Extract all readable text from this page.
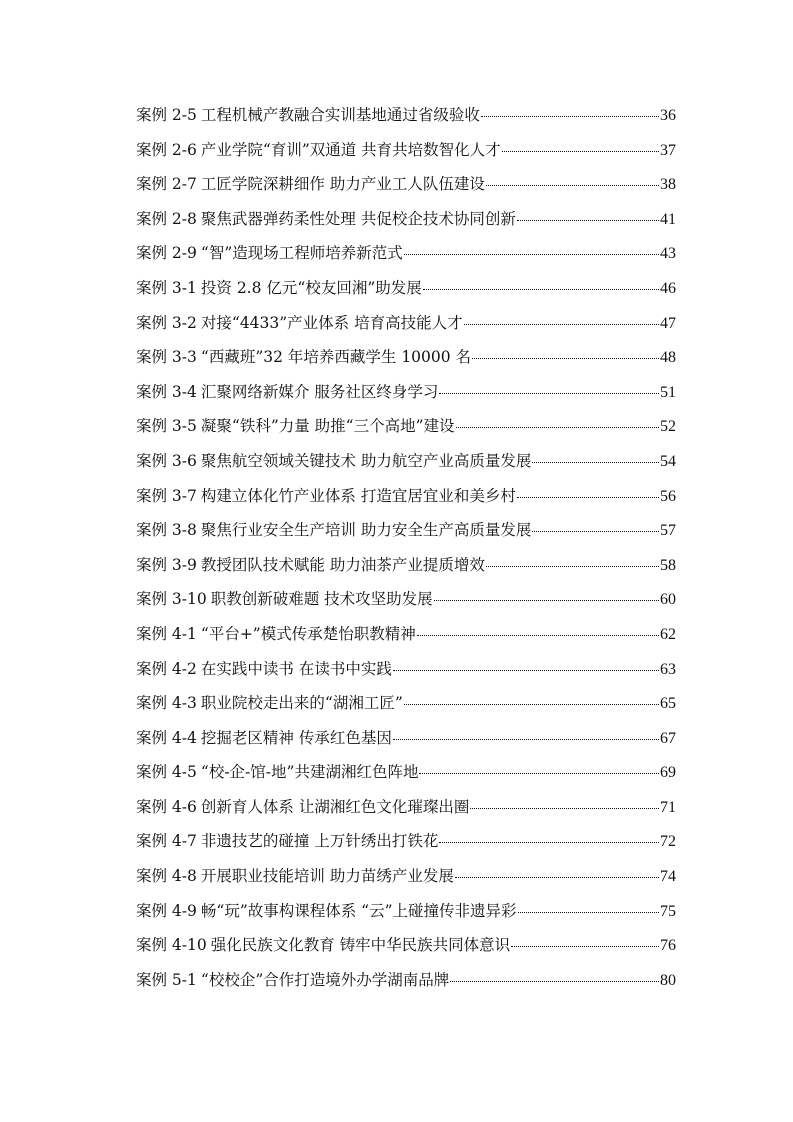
案例 2-5 工程机械产教融合实训基地通过省级验收	36
案例 2-6 产业学院“育训”双通道 共育共培数智化人才	37
案例 2-7 工匠学院深耕细作 助力产业工人队伍建设	38
案例 2-8 聚焦武器弹药柔性处理 共促校企技术协同创新	41
案例 2-9 “智”造现场工程师培养新范式	43
案例 3-1 投资 2.8 亿元“校友回湘”助发展	46
案例 3-2 对接“4433”产业体系 培育高技能人才	47
案例 3-3 “西藏班”32 年培养西藏学生 10000 名	48
案例 3-4 汇聚网络新媒介 服务社区终身学习	51
案例 3-5 凝聚“铁科”力量 助推“三个高地”建设	52
案例 3-6 聚焦航空领域关键技术 助力航空产业高质量发展	54
案例 3-7 构建立体化竹产业体系 打造宜居宜业和美乡村	56
案例 3-8 聚焦行业安全生产培训 助力安全生产高质量发展	57
案例 3-9 教授团队技术赋能 助力油茶产业提质增效	58
案例 3-10 职教创新破难题 技术攻坚助发展	60
案例 4-1 “平台+”模式传承楚怡职教精神	62
案例 4-2 在实践中读书 在读书中实践	63
案例 4-3 职业院校走出来的“湖湘工匠”	65
案例 4-4 挖掘老区精神 传承红色基因	67
案例 4-5 “校-企-馆-地”共建湖湘红色阵地	69
案例 4-6 创新育人体系 让湖湘红色文化璀璨出圈	71
案例 4-7 非遗技艺的碰撞 上万针绣出打铁花	72
案例 4-8 开展职业技能培训 助力苗绣产业发展	74
案例 4-9 畅“玩”故事构课程体系 “云”上碰撞传非遗异彩	75
案例 4-10 强化民族文化教育 铸牢中华民族共同体意识	76
案例 5-1 “校校企”合作打造境外办学湖南品牌	80
